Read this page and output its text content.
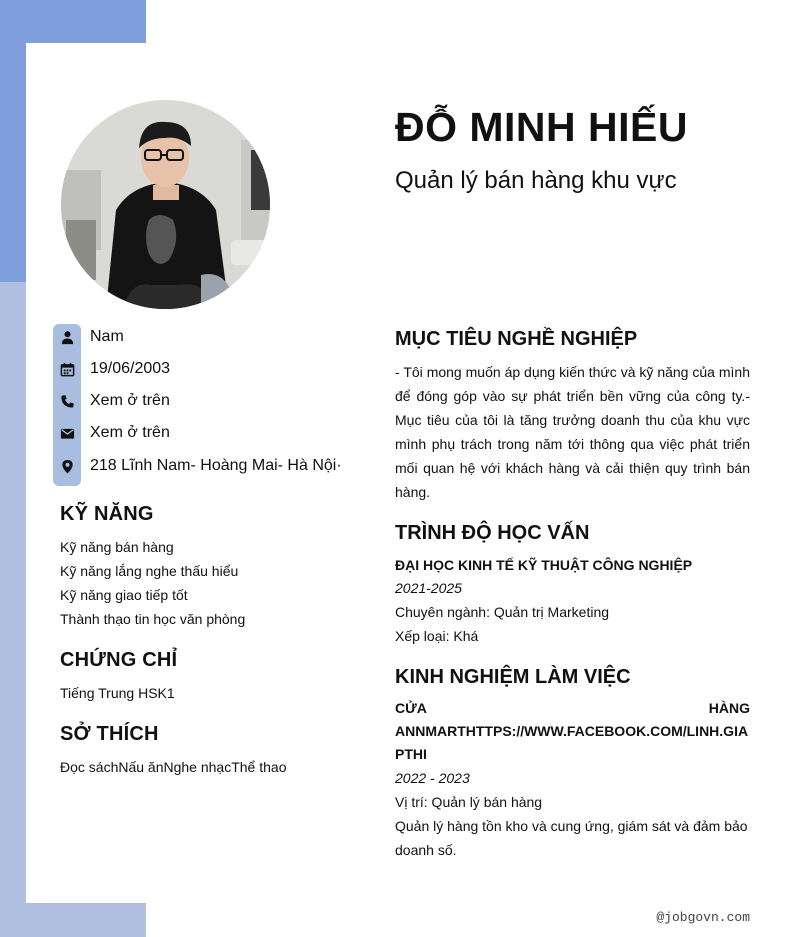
Nam
19/06/2003
Xem ở trên
Xem ở trên
218 Lĩnh Nam- Hoàng Mai- Hà Nội·
KỸ NĂNG
Kỹ năng bán hàng
Kỹ năng lắng nghe thấu hiểu
Kỹ năng giao tiếp tốt
Thành thạo tin học văn phòng
CHỨNG CHỈ
Tiếng Trung HSK1
SỞ THÍCH
Đọc sáchNấu ănNghe nhạcThể thao
ĐỖ MINH HIẾU
Quản lý bán hàng khu vực
MỤC TIÊU NGHỀ NGHIỆP
- Tôi mong muốn áp dụng kiến thức và kỹ năng của mình để đóng góp vào sự phát triển bền vững của công ty.- Mục tiêu của tôi là tăng trưởng doanh thu của khu vực mình phụ trách trong năm tới thông qua việc phát triển mối quan hệ với khách hàng và cải thiện quy trình bán hàng.
TRÌNH ĐỘ HỌC VẤN
ĐẠI HỌC KINH TẾ KỸ THUẬT CÔNG NGHIỆP
2021-2025
Chuyên ngành: Quản trị Marketing
Xếp loại: Khá
KINH NGHIỆM LÀM VIỆC
CỬA	HÀNG
ANNMARTHTTPS://WWW.FACEBOOK.COM/LINH.GIAPTHI
2022 - 2023
Vị trí: Quản lý bán hàng
Quản lý hàng tồn kho và cung ứng, giám sát và đảm bảo doanh số.
@jobgovn.com
